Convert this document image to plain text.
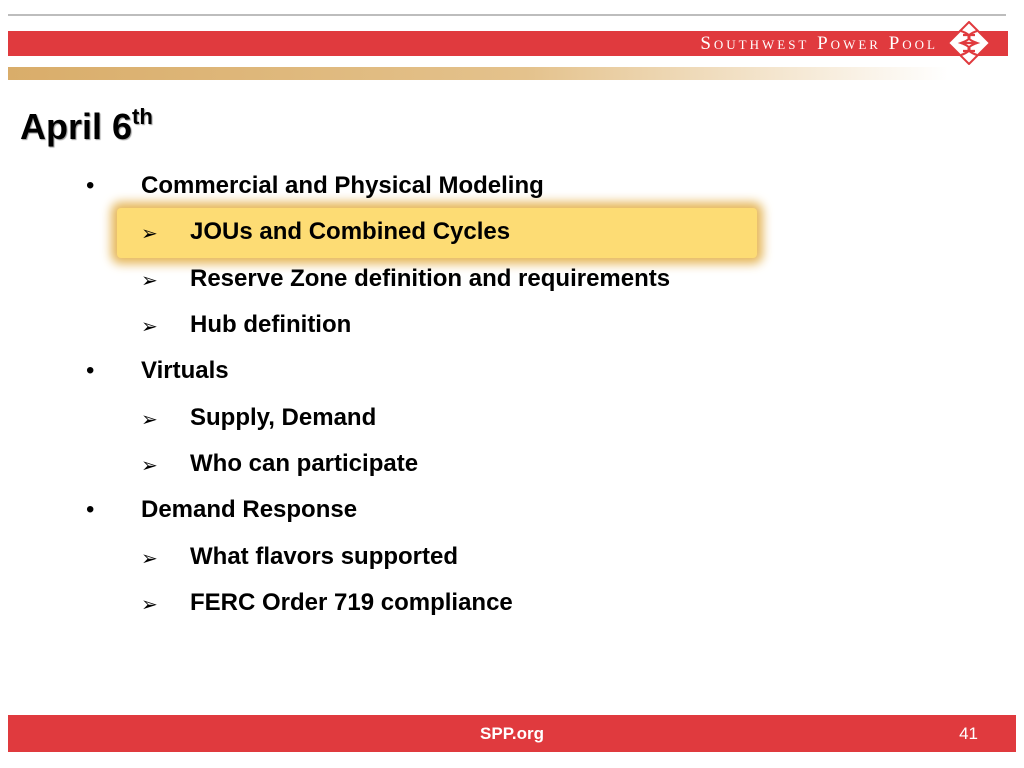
Southwest Power Pool
April 6th
• Commercial and Physical Modeling
➢ JOUs and Combined Cycles
➢ Reserve Zone definition and requirements
➢ Hub definition
• Virtuals
➢ Supply, Demand
➢ Who can participate
• Demand Response
➢ What flavors supported
➢ FERC Order 719 compliance
SPP.org	41
